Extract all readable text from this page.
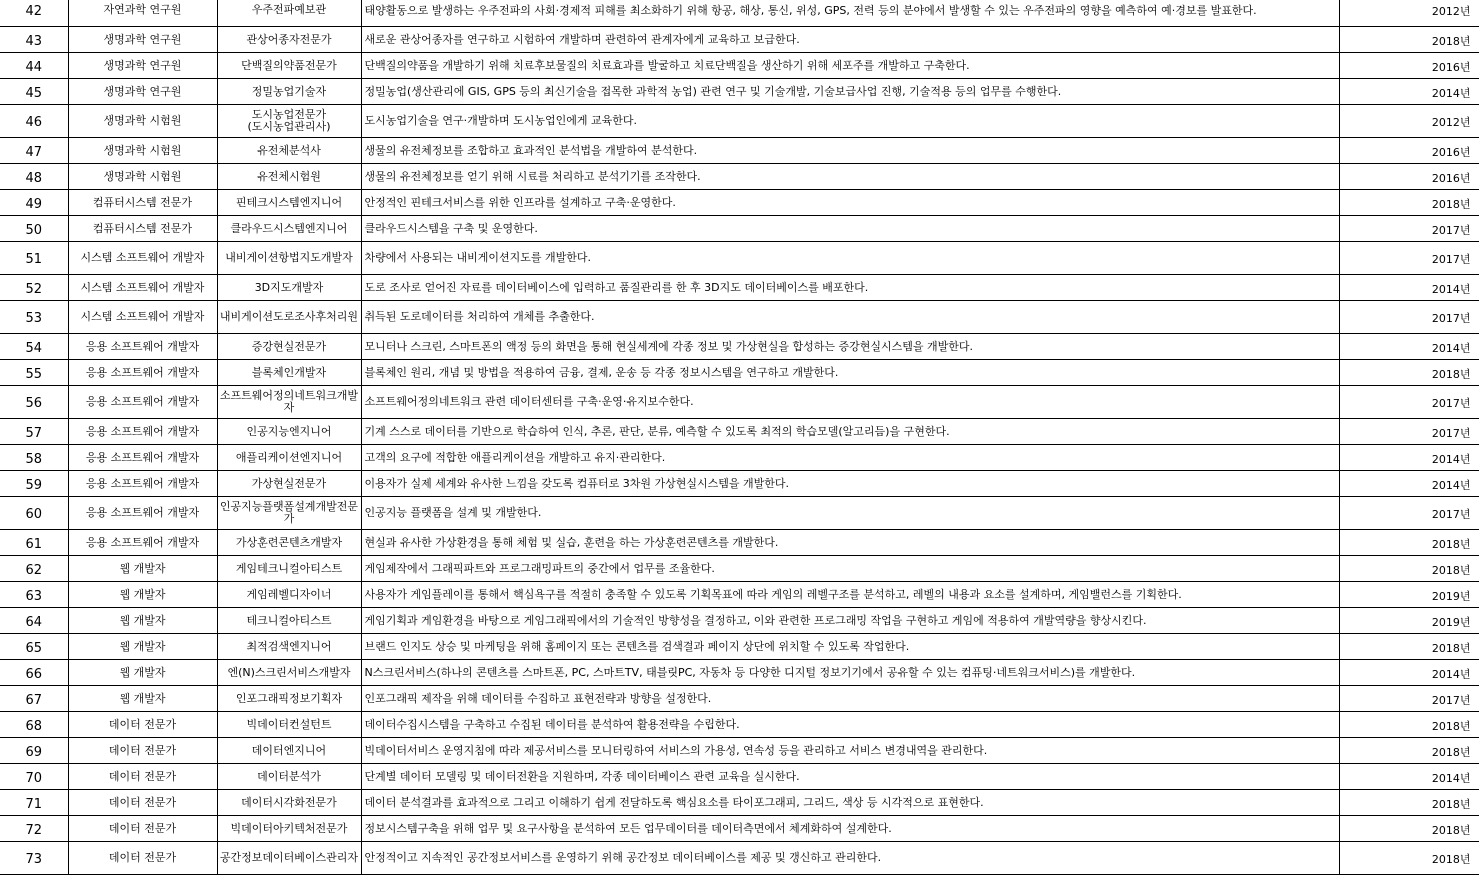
42	자연과학 연구원	우주전파예보관	태양활동으로 발생하는 우주전파의 사회·경제적 피해를 최소화하기 위해 항공, 해상, 통신, 위성, GPS, 전력 등의 분야에서 발생할 수 있는 우주전파의 영향을 예측하여 예·경보를 발표한다.	2012년
43	생명과학 연구원	관상어종자전문가	새로운 관상어종자를 연구하고 시험하여 개발하며 관련하여 관계자에게 교육하고 보급한다.	2018년
44	생명과학 연구원	단백질의약품전문가	단백질의약품을 개발하기 위해 치료후보물질의 치료효과를 발굴하고 치료단백질을 생산하기 위해 세포주를 개발하고 구축한다.	2016년
45	생명과학 연구원	정밀농업기술자	정밀농업(생산관리에 GIS, GPS 등의 최신기술을 접목한 과학적 농업) 관련 연구 및 기술개발, 기술보급사업 진행, 기술적용 등의 업무를 수행한다.	2014년
46	생명과학 시험원	도시농업전문가(도시농업관리사)	도시농업기술을 연구·개발하며 도시농업인에게 교육한다.	2012년
47	생명과학 시험원	유전체분석사	생물의 유전체정보를 조합하고 효과적인 분석법을 개발하여 분석한다.	2016년
48	생명과학 시험원	유전체시험원	생물의 유전체정보를 얻기 위해 시료를 처리하고 분석기기를 조작한다.	2016년
49	컴퓨터시스템 전문가	핀테크시스템엔지니어	안정적인 핀테크서비스를 위한 인프라를 설계하고 구축·운영한다.	2018년
50	컴퓨터시스템 전문가	클라우드시스템엔지니어	클라우드시스템을 구축 및 운영한다.	2017년
51	시스템 소프트웨어 개발자	내비게이션항법지도개발자	차량에서 사용되는 내비게이션지도를 개발한다.	2017년
52	시스템 소프트웨어 개발자	3D지도개발자	도로 조사로 얻어진 자료를 데이터베이스에 입력하고 품질관리를 한 후 3D지도 데이터베이스를 배포한다.	2014년
53	시스템 소프트웨어 개발자	내비게이션도로조사후처리원	취득된 도로데이터를 처리하여 개체를 추출한다.	2017년
54	응용 소프트웨어 개발자	증강현실전문가	모니터나 스크린, 스마트폰의 액정 등의 화면을 통해 현실세계에 각종 정보 및 가상현실을 합성하는 증강현실시스템을 개발한다.	2014년
55	응용 소프트웨어 개발자	블록체인개발자	블록체인 원리, 개념 및 방법을 적용하여 금융, 결제, 운송 등 각종 정보시스템을 연구하고 개발한다.	2018년
56	응용 소프트웨어 개발자	소프트웨어정의네트워크개발자	소프트웨어정의네트워크 관련 데이터센터를 구축·운영·유지보수한다.	2017년
57	응용 소프트웨어 개발자	인공지능엔지니어	기계 스스로 데이터를 기반으로 학습하여 인식, 추론, 판단, 분류, 예측할 수 있도록 최적의 학습모델(알고리듬)을 구현한다.	2017년
58	응용 소프트웨어 개발자	애플리케이션엔지니어	고객의 요구에 적합한 애플리케이션을 개발하고 유지·관리한다.	2014년
59	응용 소프트웨어 개발자	가상현실전문가	이용자가 실제 세계와 유사한 느낌을 갖도록 컴퓨터로 3차원 가상현실시스템을 개발한다.	2014년
60	응용 소프트웨어 개발자	인공지능플랫폼설계개발전문가	인공지능 플랫폼을 설계 및 개발한다.	2017년
61	응용 소프트웨어 개발자	가상훈련콘텐츠개발자	현실과 유사한 가상환경을 통해 체험 및 실습, 훈련을 하는 가상훈련콘텐츠를 개발한다.	2018년
62	웹 개발자	게임테크니컬아티스트	게임제작에서 그래픽파트와 프로그래밍파트의 중간에서 업무를 조율한다.	2018년
63	웹 개발자	게임레벨디자이너	사용자가 게임플레이를 통해서 핵심욕구를 적절히 충족할 수 있도록 기획목표에 따라 게임의 레벨구조를 분석하고, 레벨의 내용과 요소를 설계하며, 게임밸런스를 기획한다.	2019년
64	웹 개발자	테크니컬아티스트	게임기획과 게임환경을 바탕으로 게임그래픽에서의 기술적인 방향성을 결정하고, 이와 관련한 프로그래밍 작업을 구현하고 게임에 적용하여 개발역량을 향상시킨다.	2019년
65	웹 개발자	최적검색엔지니어	브랜드 인지도 상승 및 마케팅을 위해 홈페이지 또는 콘텐츠를 검색결과 페이지 상단에 위치할 수 있도록 작업한다.	2018년
66	웹 개발자	엔(N)스크린서비스개발자	N스크린서비스(하나의 콘텐츠를 스마트폰, PC, 스마트TV, 태블릿PC, 자동차 등 다양한 디지털 정보기기에서 공유할 수 있는 컴퓨팅·네트워크서비스)를 개발한다.	2014년
67	웹 개발자	인포그래픽정보기획자	인포그래픽 제작을 위해 데이터를 수집하고 표현전략과 방향을 설정한다.	2017년
68	데이터 전문가	빅데이터컨설턴트	데이터수집시스템을 구축하고 수집된 데이터를 분석하여 활용전략을 수립한다.	2018년
69	데이터 전문가	데이터엔지니어	빅데이터서비스 운영지침에 따라 제공서비스를 모니터링하여 서비스의 가용성, 연속성 등을 관리하고 서비스 변경내역을 관리한다.	2018년
70	데이터 전문가	데이터분석가	단계별 데이터 모델링 및 데이터전환을 지원하며, 각종 데이터베이스 관련 교육을 실시한다.	2014년
71	데이터 전문가	데이터시각화전문가	데이터 분석결과를 효과적으로 그리고 이해하기 쉽게 전달하도록 핵심요소를 타이포그래피, 그리드, 색상 등 시각적으로 표현한다.	2018년
72	데이터 전문가	빅데이터아키텍처전문가	정보시스템구축을 위해 업무 및 요구사항을 분석하여 모든 업무데이터를 데이터측면에서 체계화하여 설계한다.	2018년
73	데이터 전문가	공간정보데이터베이스관리자	안정적이고 지속적인 공간정보서비스를 운영하기 위해 공간정보 데이터베이스를 제공 및 갱신하고 관리한다.	2018년
